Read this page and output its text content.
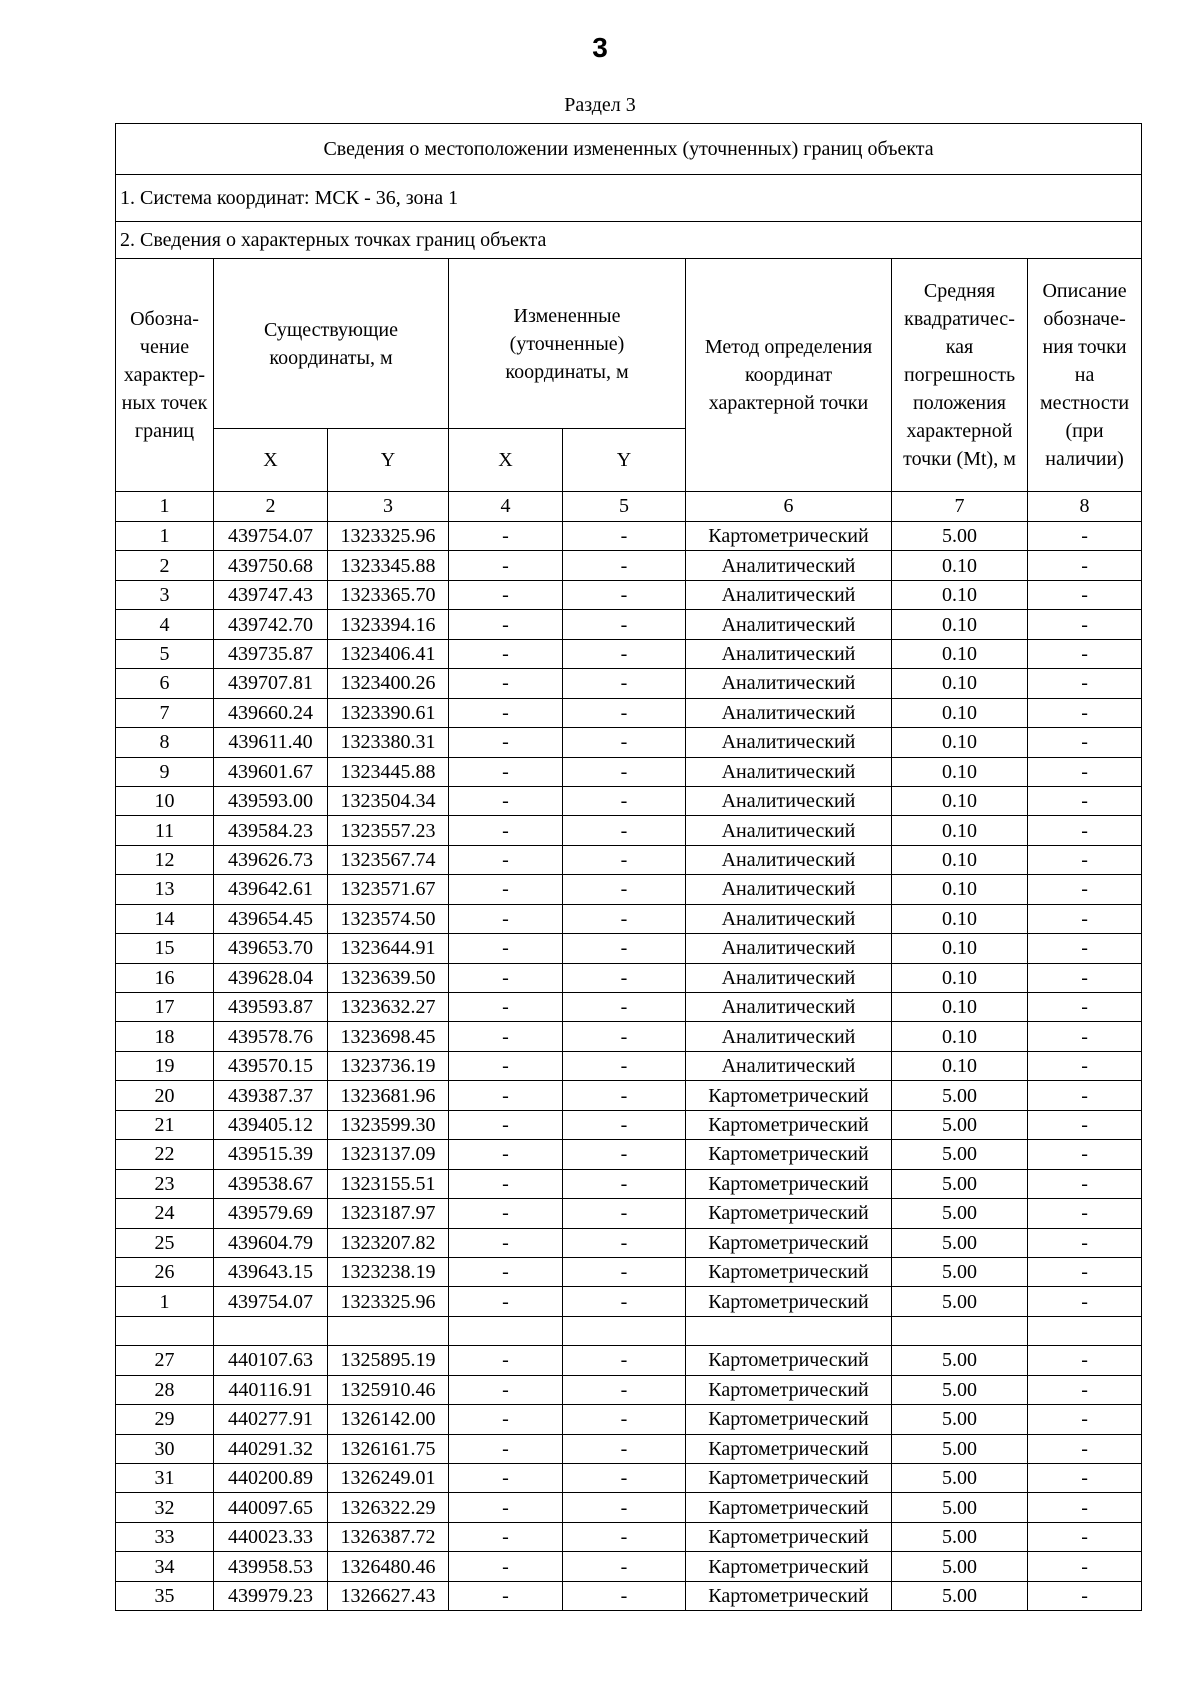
3
Раздел 3
Сведения о местоположении измененных (уточненных) границ объекта							
1. Система координат: МСК - 36, зона 1							
2. Сведения о характерных точках границ объекта							
Обозна-чение характер-ных точек границ	Существующие координаты, м		Измененные (уточненные) координаты, м		Метод определения координат характерной точки	Средняя квадратичес-кая погрешность положения характерной точки (Mt), м	Описание обозначе-ния точки на местности (при наличии)
	X	Y	X	Y			
1	2	3	4	5	6	7	8
1	439754.07	1323325.96	-	-	Картометрический	5.00	-
2	439750.68	1323345.88	-	-	Аналитический	0.10	-
3	439747.43	1323365.70	-	-	Аналитический	0.10	-
4	439742.70	1323394.16	-	-	Аналитический	0.10	-
5	439735.87	1323406.41	-	-	Аналитический	0.10	-
6	439707.81	1323400.26	-	-	Аналитический	0.10	-
7	439660.24	1323390.61	-	-	Аналитический	0.10	-
8	439611.40	1323380.31	-	-	Аналитический	0.10	-
9	439601.67	1323445.88	-	-	Аналитический	0.10	-
10	439593.00	1323504.34	-	-	Аналитический	0.10	-
11	439584.23	1323557.23	-	-	Аналитический	0.10	-
12	439626.73	1323567.74	-	-	Аналитический	0.10	-
13	439642.61	1323571.67	-	-	Аналитический	0.10	-
14	439654.45	1323574.50	-	-	Аналитический	0.10	-
15	439653.70	1323644.91	-	-	Аналитический	0.10	-
16	439628.04	1323639.50	-	-	Аналитический	0.10	-
17	439593.87	1323632.27	-	-	Аналитический	0.10	-
18	439578.76	1323698.45	-	-	Аналитический	0.10	-
19	439570.15	1323736.19	-	-	Аналитический	0.10	-
20	439387.37	1323681.96	-	-	Картометрический	5.00	-
21	439405.12	1323599.30	-	-	Картометрический	5.00	-
22	439515.39	1323137.09	-	-	Картометрический	5.00	-
23	439538.67	1323155.51	-	-	Картометрический	5.00	-
24	439579.69	1323187.97	-	-	Картометрический	5.00	-
25	439604.79	1323207.82	-	-	Картометрический	5.00	-
26	439643.15	1323238.19	-	-	Картометрический	5.00	-
1	439754.07	1323325.96	-	-	Картометрический	5.00	-

27	440107.63	1325895.19	-	-	Картометрический	5.00	-
28	440116.91	1325910.46	-	-	Картометрический	5.00	-
29	440277.91	1326142.00	-	-	Картометрический	5.00	-
30	440291.32	1326161.75	-	-	Картометрический	5.00	-
31	440200.89	1326249.01	-	-	Картометрический	5.00	-
32	440097.65	1326322.29	-	-	Картометрический	5.00	-
33	440023.33	1326387.72	-	-	Картометрический	5.00	-
34	439958.53	1326480.46	-	-	Картометрический	5.00	-
35	439979.23	1326627.43	-	-	Картометрический	5.00	-
